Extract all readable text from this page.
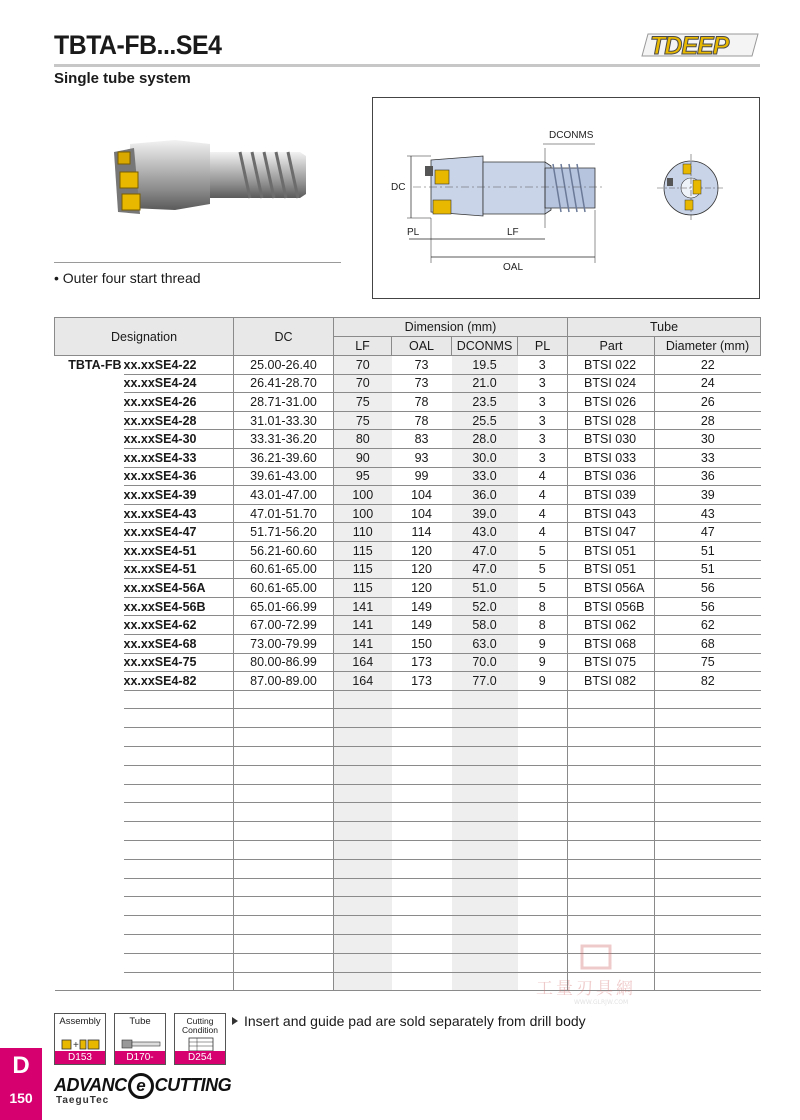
TBTA-FB...SE4
Single tube system
TDEEP
• Outer four start thread
DC
DCONMS
PL	LF
OAL
Designation		DC	Dimension (mm)				Tube	
			LF	OAL	DCONMS	PL	Part	Diameter (mm)
TBTA-FB	xx.xxSE4-22	25.00-26.40	70	73	19.5	3	BTSI 022	22
	xx.xxSE4-24	26.41-28.70	70	73	21.0	3	BTSI 024	24
	xx.xxSE4-26	28.71-31.00	75	78	23.5	3	BTSI 026	26
	xx.xxSE4-28	31.01-33.30	75	78	25.5	3	BTSI 028	28
	xx.xxSE4-30	33.31-36.20	80	83	28.0	3	BTSI 030	30
	xx.xxSE4-33	36.21-39.60	90	93	30.0	3	BTSI 033	33
	xx.xxSE4-36	39.61-43.00	95	99	33.0	4	BTSI 036	36
	xx.xxSE4-39	43.01-47.00	100	104	36.0	4	BTSI 039	39
	xx.xxSE4-43	47.01-51.70	100	104	39.0	4	BTSI 043	43
	xx.xxSE4-47	51.71-56.20	110	114	43.0	4	BTSI 047	47
	xx.xxSE4-51	56.21-60.60	115	120	47.0	5	BTSI 051	51
	xx.xxSE4-51	60.61-65.00	115	120	47.0	5	BTSI 051	51
	xx.xxSE4-56A	60.61-65.00	115	120	51.0	5	BTSI 056A	56
	xx.xxSE4-56B	65.01-66.99	141	149	52.0	8	BTSI 056B	56
	xx.xxSE4-62	67.00-72.99	141	149	58.0	8	BTSI 062	62
	xx.xxSE4-68	73.00-79.99	141	150	63.0	9	BTSI 068	68
	xx.xxSE4-75	80.00-86.99	164	173	70.0	9	BTSI 075	75
	xx.xxSE4-82	87.00-89.00	164	173	77.0	9	BTSI 082	82

Assembly
+
D153
Tube
D170-D171
Cutting
Condition
D254
Insert and guide pad are sold separately from drill body
工量刃具網
WWW.GLRJW.COM
D
150
ADVANC e CUTTING
TaeguTec
